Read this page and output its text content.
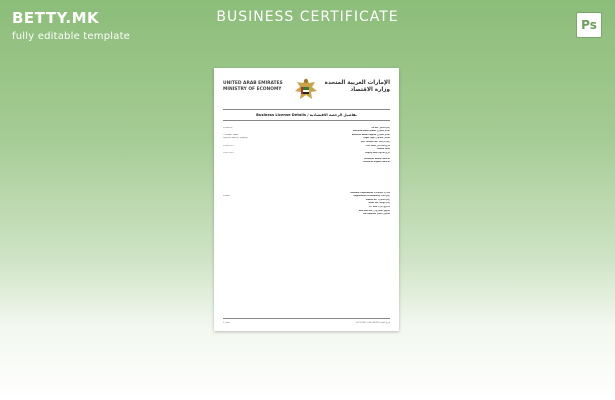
BETTY.MK
fully editable template
BUSINESS CERTIFICATE	Ps
UNITED ARAB EMIRATES
MINISTRY OF ECONOMY
الإمارات العربية المتحدة
وزارة الاقتصاد
Business License Details / تفاصيل الرخصة الاقتصادية
11494741	CID No. رقم السجل
Business Name Arabic الاسم التجاري
COMPANY NAME	Business Name English الاسم التجاري
Limited Liability Company	Legal Type الشكل القانوني
DED License No. رقم الرخصة
22/05/2021	Est. Date تاريخ التأسيس
Status الحالة
15/07/2021	Expiry Date تاريخ الانتهاء
Activities Arabic الأنشطة
Activities English الأنشطة
Economic Department الدائرة الاقتصادية
998822	Registration ID Authority رقم القيد
Mobile No. رقم المتحرك
Phone No. رقم الهاتف
PO. Box صندوق البريد
Web site URL الموقع الالكتروني
Full Address العنوان الكامل
1 صفحة	6/21/2021 3:40:34 PM تاريخ الطباعة
